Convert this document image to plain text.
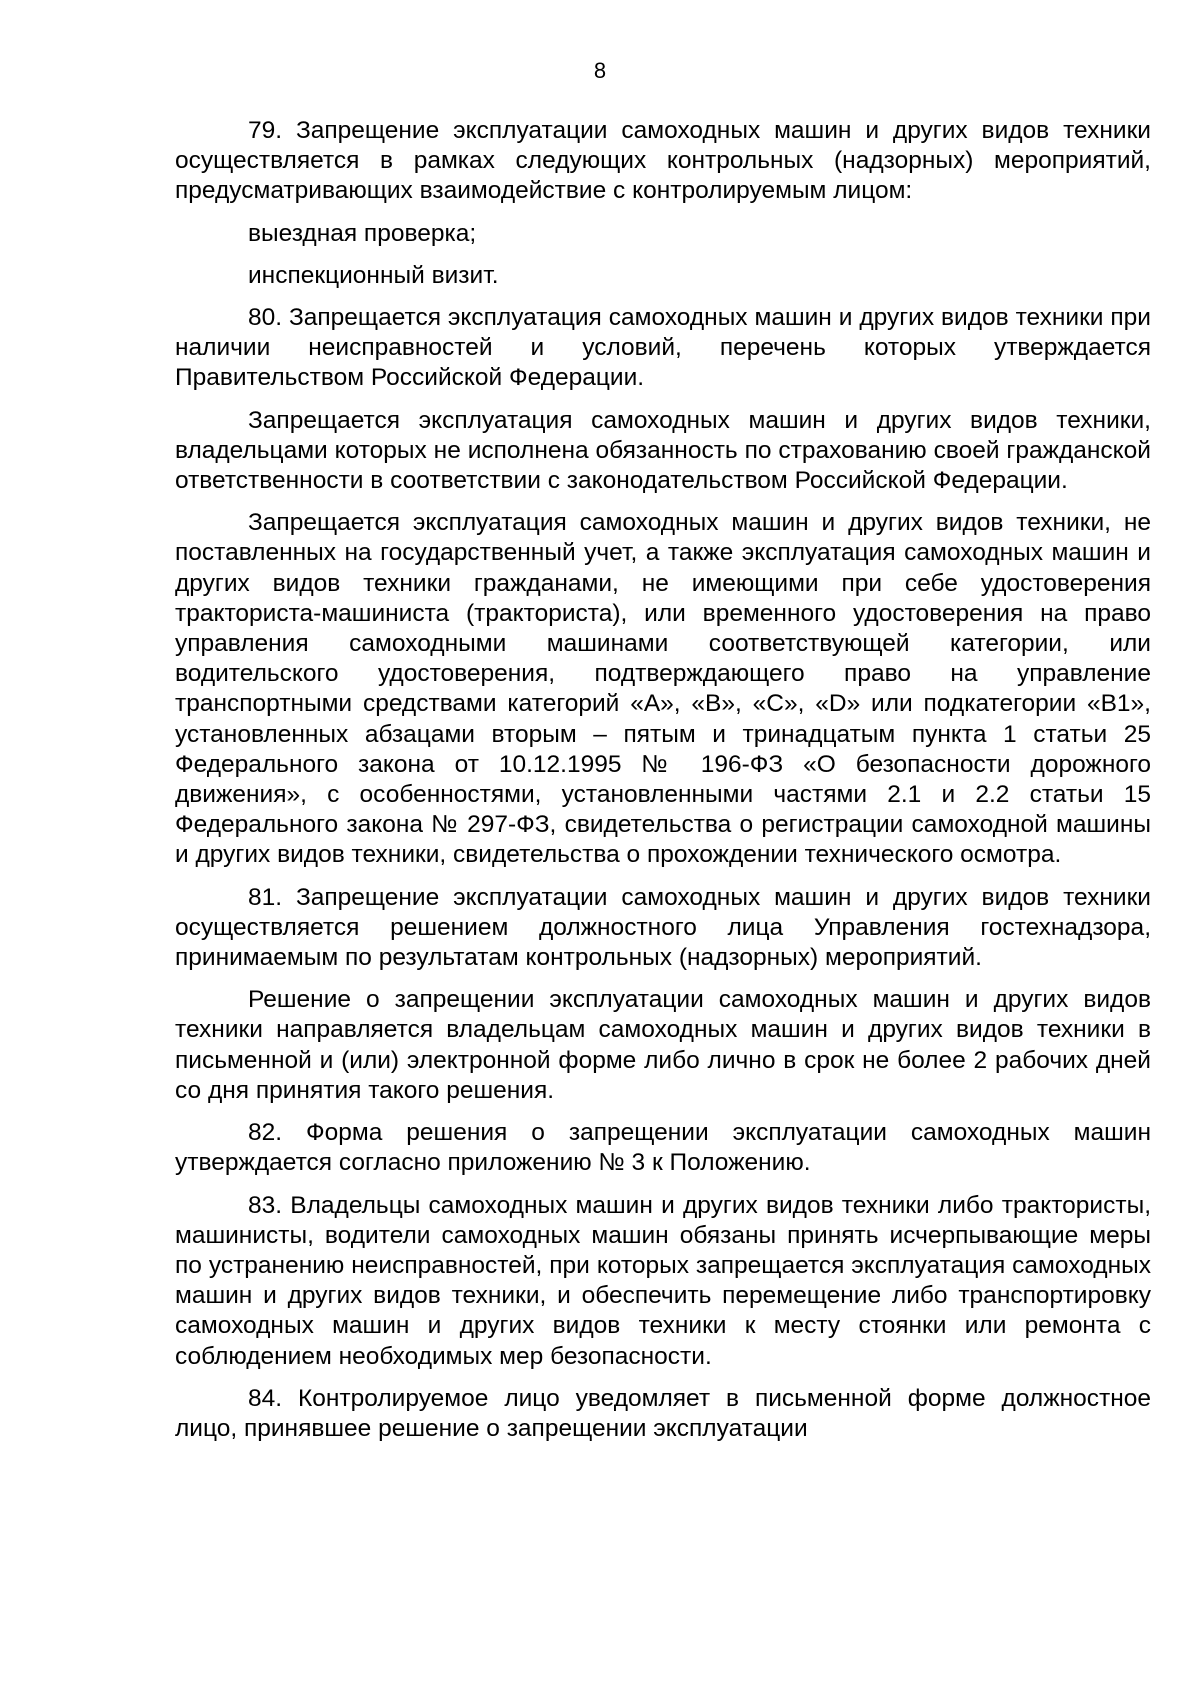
8

79. Запрещение эксплуатации самоходных машин и других видов техники осуществляется в рамках следующих контрольных (надзорных) мероприятий, предусматривающих взаимодействие с контролируемым лицом:

выездная проверка;

инспекционный визит.

80. Запрещается эксплуатация самоходных машин и других видов техники при наличии неисправностей и условий, перечень которых утверждается Правительством Российской Федерации.

Запрещается эксплуатация самоходных машин и других видов техники, владельцами которых не исполнена обязанность по страхованию своей гражданской ответственности в соответствии с законодательством Российской Федерации.

Запрещается эксплуатация самоходных машин и других видов техники, не поставленных на государственный учет, а также эксплуатация самоходных машин и других видов техники гражданами, не имеющими при себе удостоверения тракториста-машиниста (тракториста), или временного удостоверения на право управления самоходными машинами соответствующей категории, или водительского удостоверения, подтверждающего право на управление транспортными средствами категорий «A», «B», «C», «D» или подкатегории «B1», установленных абзацами вторым – пятым и тринадцатым пункта 1 статьи 25 Федерального закона от 10.12.1995 № 196-ФЗ «О безопасности дорожного движения», с особенностями, установленными частями 2.1 и 2.2 статьи 15 Федерального закона № 297-ФЗ, свидетельства о регистрации самоходной машины и других видов техники, свидетельства о прохождении технического осмотра.

81. Запрещение эксплуатации самоходных машин и других видов техники осуществляется решением должностного лица Управления гостехнадзора, принимаемым по результатам контрольных (надзорных) мероприятий.

Решение о запрещении эксплуатации самоходных машин и других видов техники направляется владельцам самоходных машин и других видов техники в письменной и (или) электронной форме либо лично в срок не более 2 рабочих дней со дня принятия такого решения.

82. Форма решения о запрещении эксплуатации самоходных машин утверждается согласно приложению № 3 к Положению.

83. Владельцы самоходных машин и других видов техники либо трактористы, машинисты, водители самоходных машин обязаны принять исчерпывающие меры по устранению неисправностей, при которых запрещается эксплуатация самоходных машин и других видов техники, и обеспечить перемещение либо транспортировку самоходных машин и других видов техники к месту стоянки или ремонта с соблюдением необходимых мер безопасности.

84. Контролируемое лицо уведомляет в письменной форме должностное лицо, принявшее решение о запрещении эксплуатации
